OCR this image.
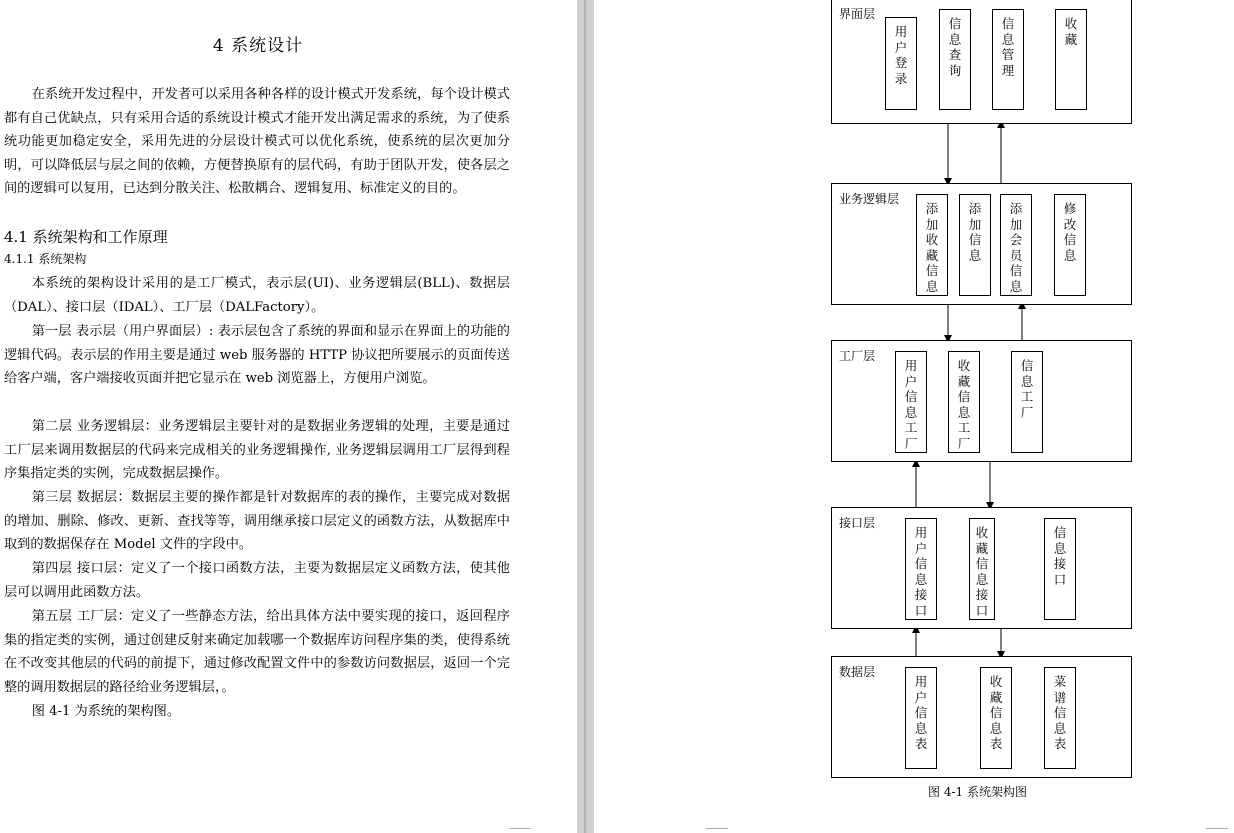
4 系统设计
在系统开发过程中，开发者可以采用各种各样的设计模式开发系统，每个设计模式都有自己优缺点，只有采用合适的系统设计模式才能开发出满足需求的系统，为了使系统功能更加稳定安全，采用先进的分层设计模式可以优化系统，使系统的层次更加分明，可以降低层与层之间的依赖，方便替换原有的层代码，有助于团队开发，使各层之间的逻辑可以复用，已达到分散关注、松散耦合、逻辑复用、标准定义的目的。
4.1 系统架构和工作原理
4.1.1 系统架构
本系统的架构设计采用的是工厂模式，表示层(UI)、业务逻辑层(BLL)、数据层（DAL）、接口层（IDAL）、工厂层（DALFactory）。
第一层 表示层（用户界面层）: 表示层包含了系统的界面和显示在界面上的功能的逻辑代码。表示层的作用主要是通过 web 服务器的 HTTP 协议把所要展示的页面传送给客户端，客户端接收页面并把它显示在 web 浏览器上，方便用户浏览。
第二层 业务逻辑层：业务逻辑层主要针对的是数据业务逻辑的处理，主要是通过工厂层来调用数据层的代码来完成相关的业务逻辑操作, 业务逻辑层调用工厂层得到程序集指定类的实例，完成数据层操作。
第三层 数据层：数据层主要的操作都是针对数据库的表的操作，主要完成对数据的增加、删除、修改、更新、查找等等，调用继承接口层定义的函数方法，从数据库中取到的数据保存在 Model 文件的字段中。
第四层 接口层：定义了一个接口函数方法，主要为数据层定义函数方法，使其他层可以调用此函数方法。
第五层 工厂层：定义了一些静态方法，给出具体方法中要实现的接口，返回程序集的指定类的实例，通过创建反射来确定加载哪一个数据库访问程序集的类，使得系统在不改变其他层的代码的前提下，通过修改配置文件中的参数访问数据层，返回一个完整的调用数据层的路径给业务逻辑层，。
图 4-1 为系统的架构图。
界面层
用户登录
信息查询
信息管理
收藏
业务逻辑层
添加收藏信息
添加信息
添加会员信息
修改信息
工厂层
用户信息工厂
收藏信息工厂
信息工厂
接口层
用户信息接口
收藏信息接口
信息接口
数据层
用户信息表
收藏信息表
菜谱信息表
图 4-1 系统架构图
